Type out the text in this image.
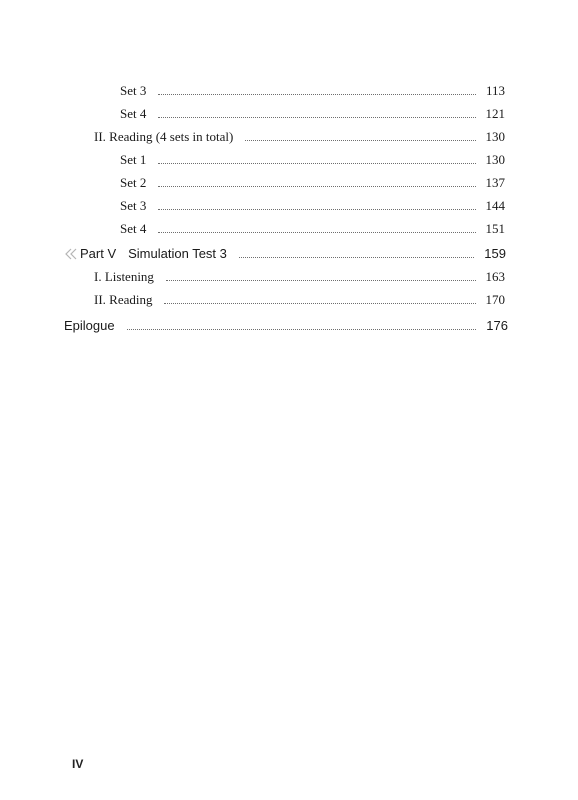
Set 3	113
Set 4	121
II. Reading (4 sets in total)	130
Set 1	130
Set 2	137
Set 3	144
Set 4	151
Part V Simulation Test 3	159
I. Listening	163
II. Reading	170
Epilogue	176
IV
